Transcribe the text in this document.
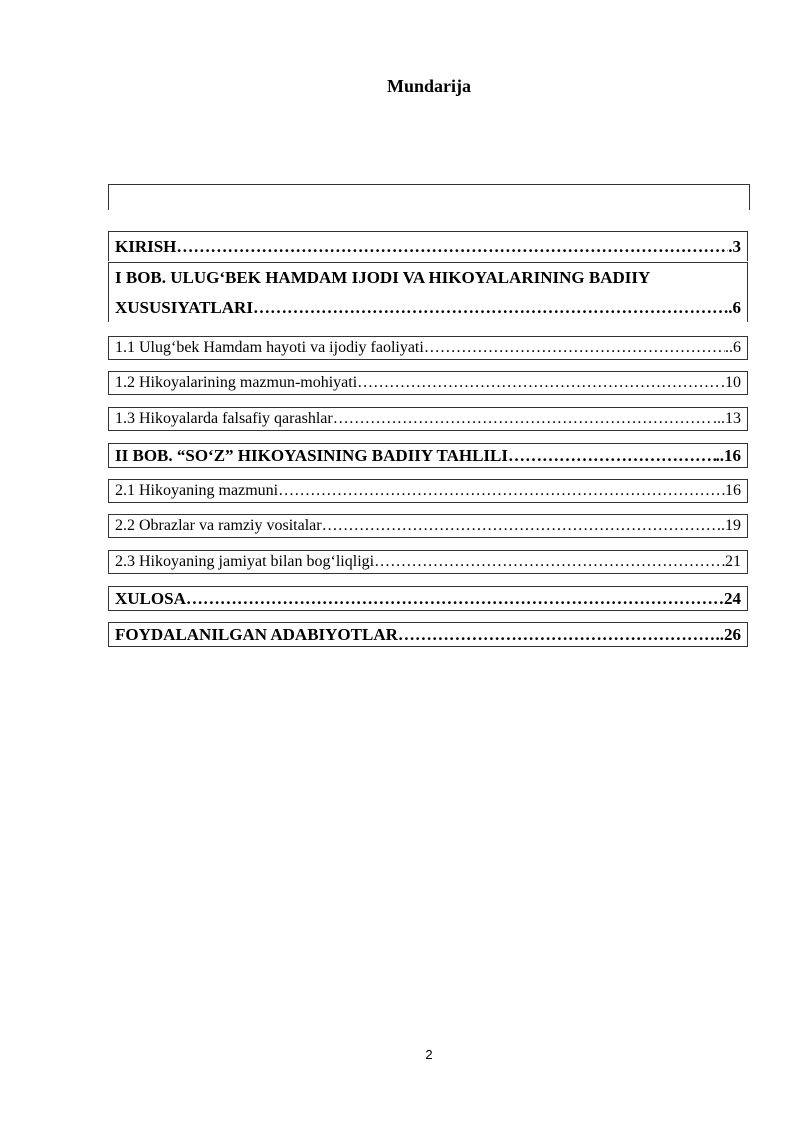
Mundarija
KIRISH …………………………………………………………………………………………………………………………………………………………	.3
I BOB. ULUG‘BEK HAMDAM IJODI VA HIKOYALARINING BADIIY
XUSUSIYATLARI …………………………………………………………………………………………………………………………………………………………	..6
1.1 Ulug‘bek Hamdam hayoti va ijodiy faoliyati …………………………………………………………………………………………………………………………………………………………	..6
1.2 Hikoyalarining mazmun-mohiyati …………………………………………………………………………………………………………………………………………………………	.10
1.3 Hikoyalarda falsafiy qarashlar …………………………………………………………………………………………………………………………………………………………	...13
II BOB. “SO‘Z” HIKOYASINING BADIIY TAHLILI …………………………………………………………………………………………………………………………………………………………	..16
2.1 Hikoyaning mazmuni …………………………………………………………………………………………………………………………………………………………	16
2.2 Obrazlar va ramziy vositalar …………………………………………………………………………………………………………………………………………………………	.19
2.3 Hikoyaning jamiyat bilan bog‘liqligi …………………………………………………………………………………………………………………………………………………………	21
XULOSA …………………………………………………………………………………………………………………………………………………………	24
FOYDALANILGAN ADABIYOTLAR …………………………………………………………………………………………………………………………………………………………	..26
2
